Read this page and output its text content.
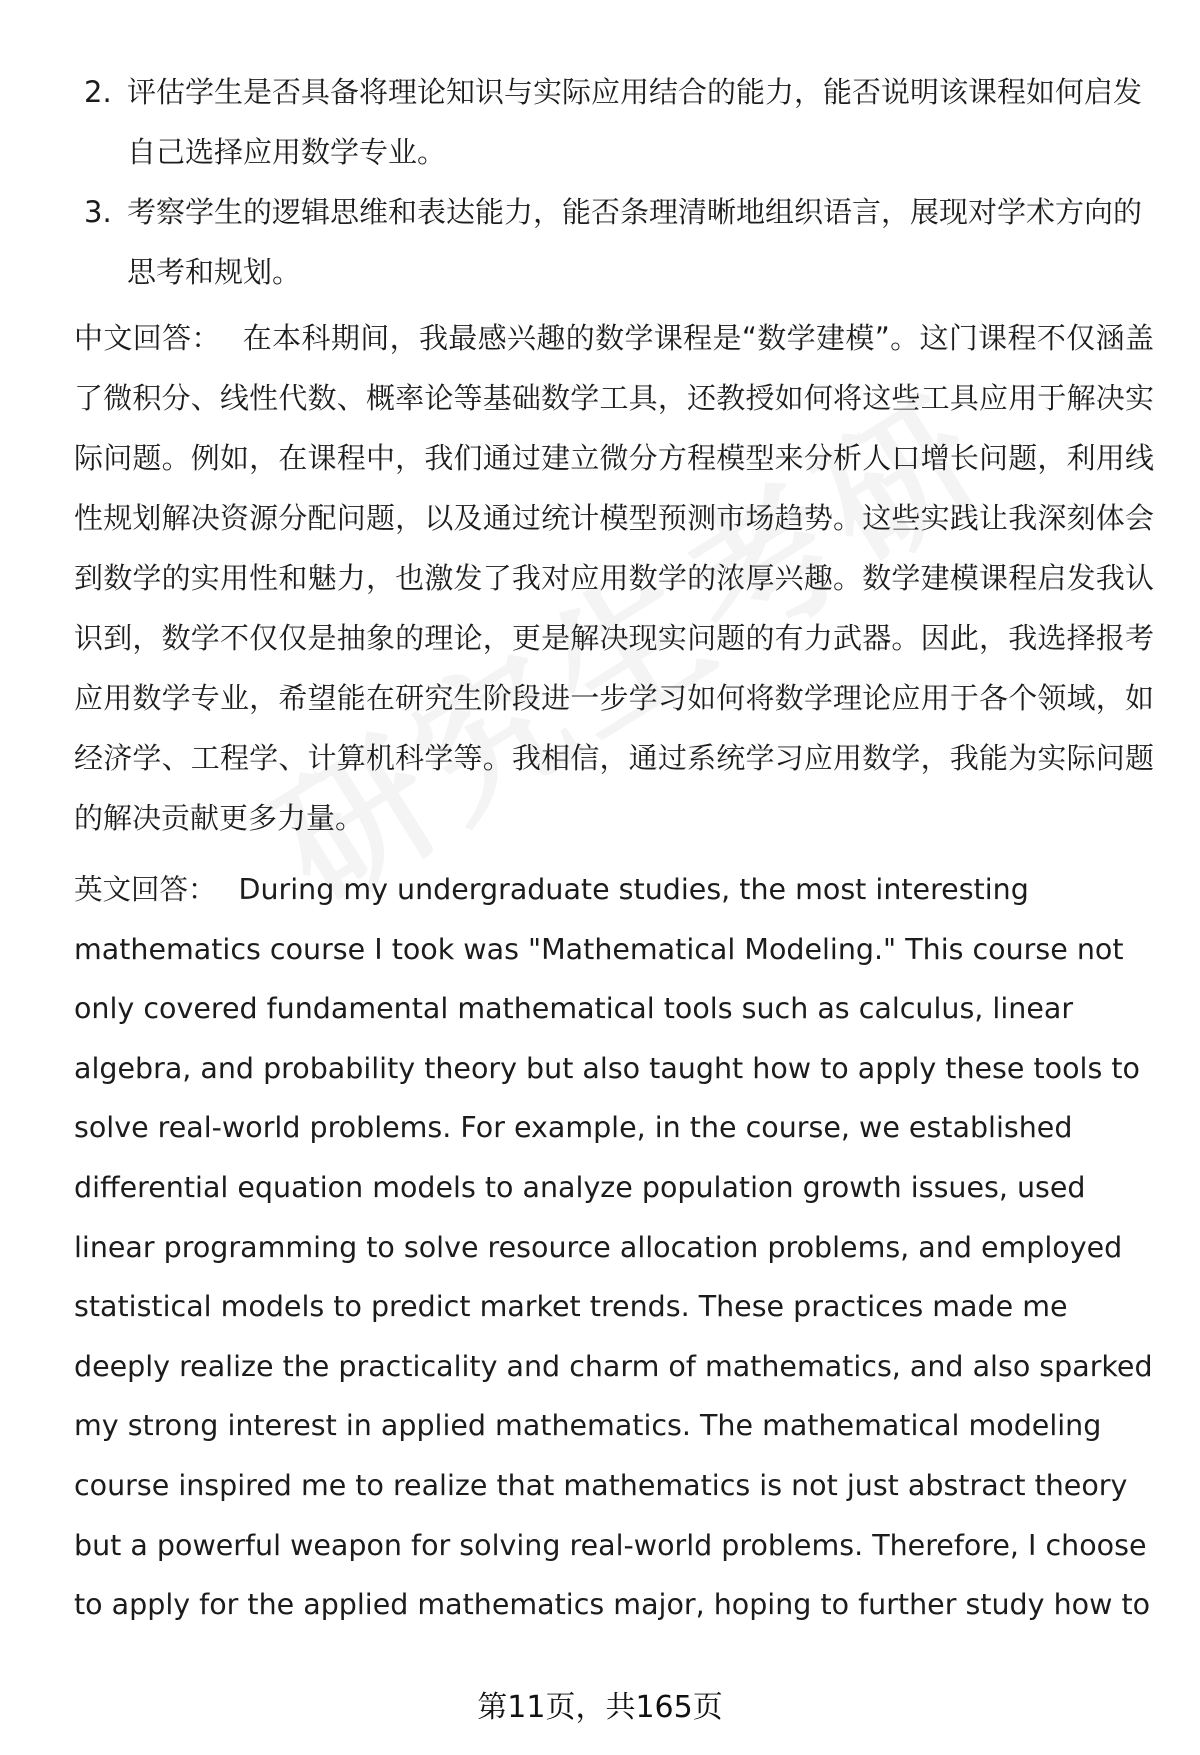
2. 评估学生是否具备将理论知识与实际应用结合的能力，能否说明该课程如何启发自己选择应用数学专业。
3. 考察学生的逻辑思维和表达能力，能否条理清晰地组织语言，展现对学术方向的思考和规划。

中文回答： 在本科期间，我最感兴趣的数学课程是“数学建模”。这门课程不仅涵盖了微积分、线性代数、概率论等基础数学工具，还教授如何将这些工具应用于解决实际问题。例如，在课程中，我们通过建立微分方程模型来分析人口增长问题，利用线性规划解决资源分配问题，以及通过统计模型预测市场趋势。这些实践让我深刻体会到数学的实用性和魅力，也激发了我对应用数学的浓厚兴趣。数学建模课程启发我认识到，数学不仅仅是抽象的理论，更是解决现实问题的有力武器。因此，我选择报考应用数学专业，希望能在研究生阶段进一步学习如何将数学理论应用于各个领域，如经济学、工程学、计算机科学等。我相信，通过系统学习应用数学，我能为实际问题的解决贡献更多力量。

英文回答： During my undergraduate studies, the most interesting mathematics course I took was "Mathematical Modeling." This course not only covered fundamental mathematical tools such as calculus, linear algebra, and probability theory but also taught how to apply these tools to solve real-world problems. For example, in the course, we established differential equation models to analyze population growth issues, used linear programming to solve resource allocation problems, and employed statistical models to predict market trends. These practices made me deeply realize the practicality and charm of mathematics, and also sparked my strong interest in applied mathematics. The mathematical modeling course inspired me to realize that mathematics is not just abstract theory but a powerful weapon for solving real-world problems. Therefore, I choose to apply for the applied mathematics major, hoping to further study how to

第11页，共165页
